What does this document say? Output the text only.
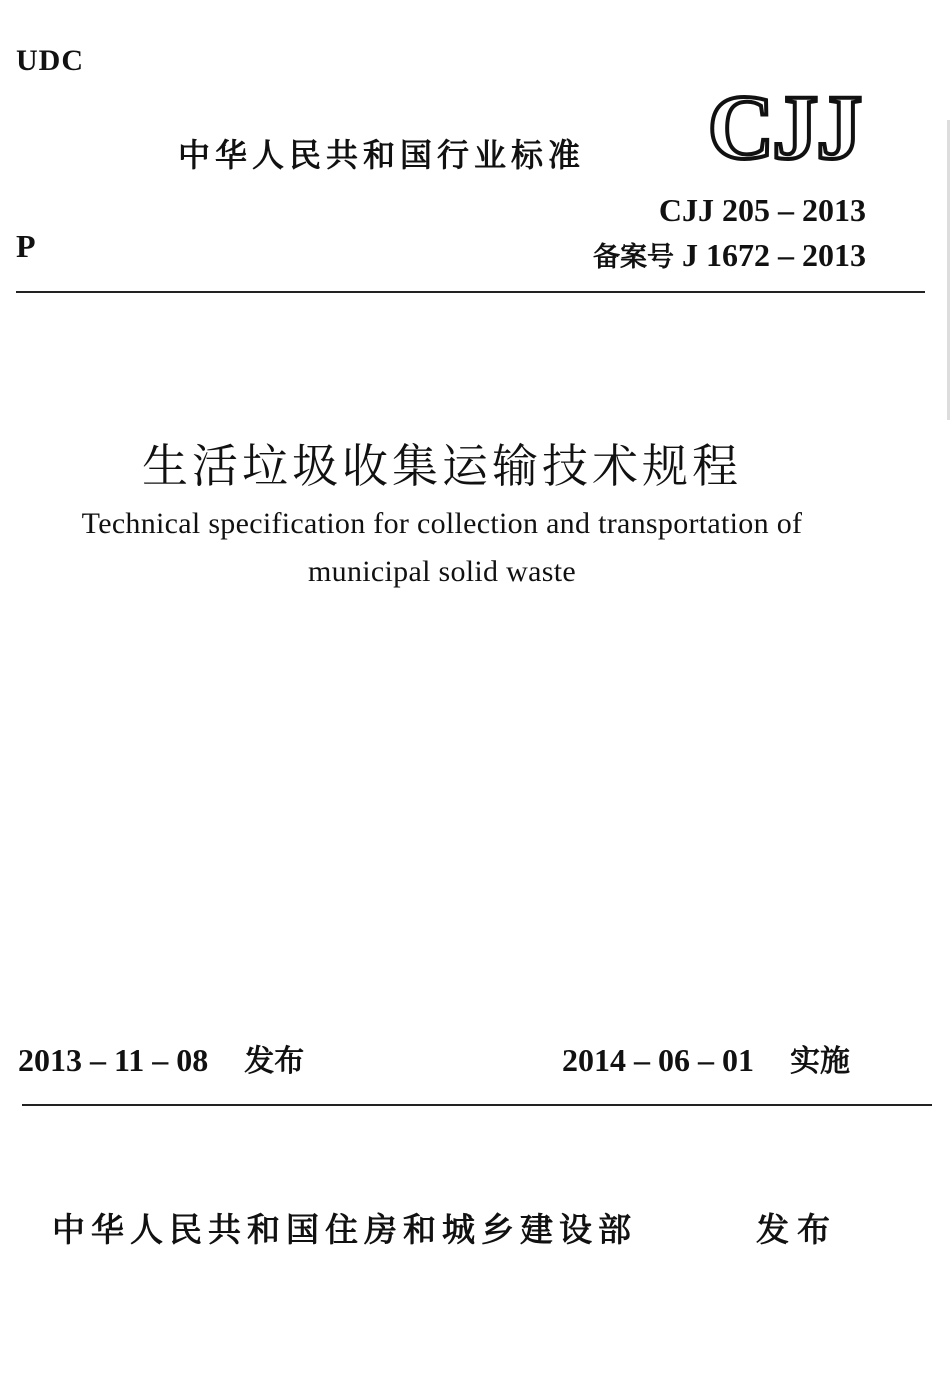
UDC
中华人民共和国行业标准 CJJ
P
CJJ 205 – 2013
备案号 J 1672 – 2013
生活垃圾收集运输技术规程
Technical specification for collection and transportation of
municipal solid waste
2013 – 11 – 08 发布	2014 – 06 – 01 实施
中华人民共和国住房和城乡建设部	发布
